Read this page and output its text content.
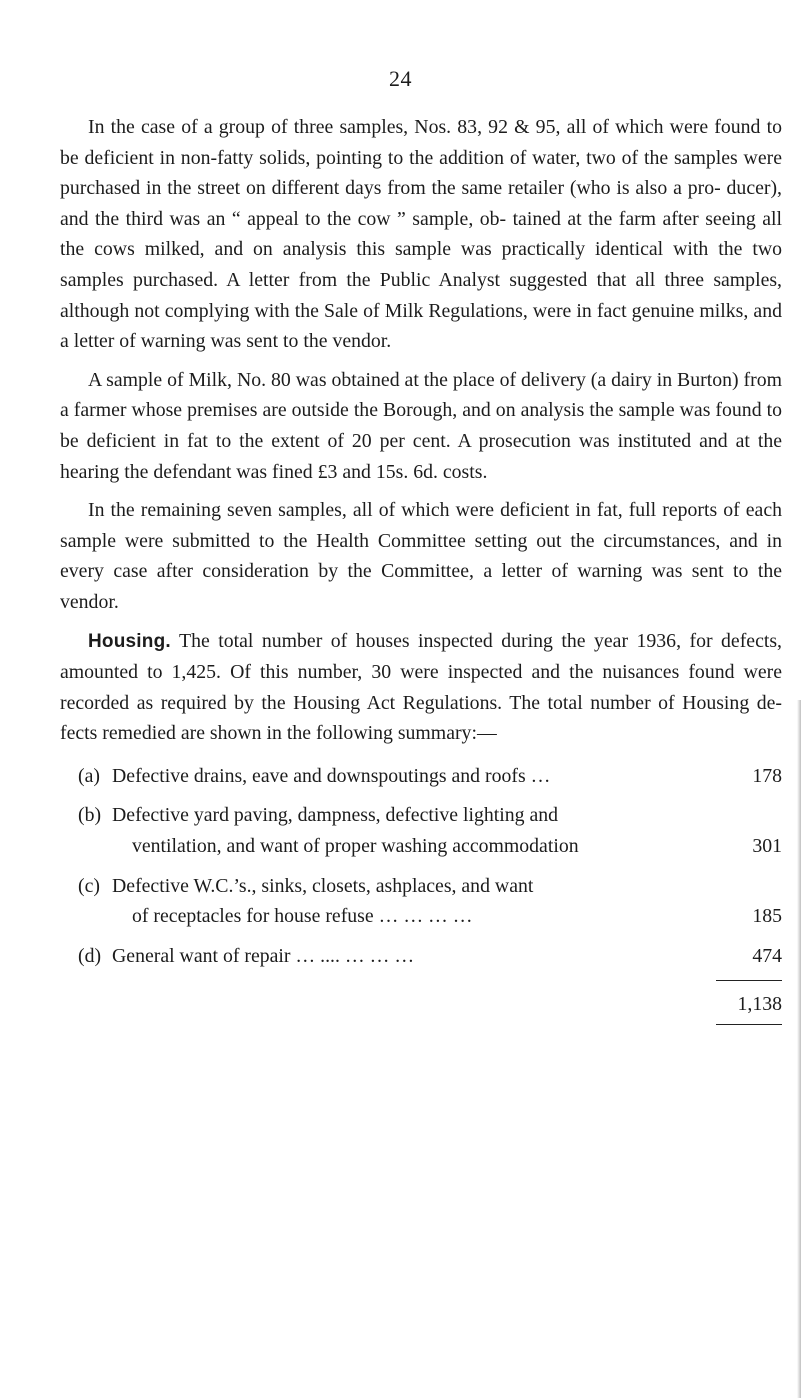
24

In the case of a group of three samples, Nos. 83, 92 & 95, all of which were found to be deficient in non-fatty solids, pointing to the addition of water, two of the samples were purchased in the street on different days from the same retailer (who is also a pro- ducer), and the third was an “ appeal to the cow ” sample, ob- tained at the farm after seeing all the cows milked, and on analysis this sample was practically identical with the two samples purchased. A letter from the Public Analyst suggested that all three samples, although not complying with the Sale of Milk Regulations, were in fact genuine milks, and a letter of warning was sent to the vendor.

A sample of Milk, No. 80 was obtained at the place of delivery (a dairy in Burton) from a farmer whose premises are outside the Borough, and on analysis the sample was found to be deficient in fat to the extent of 20 per cent. A prosecution was instituted and at the hearing the defendant was fined £3 and 15s. 6d. costs.

In the remaining seven samples, all of which were deficient in fat, full reports of each sample were submitted to the Health Committee setting out the circumstances, and in every case after consideration by the Committee, a letter of warning was sent to the vendor.

Housing. The total number of houses inspected during the year 1936, for defects, amounted to 1,425. Of this number, 30 were inspected and the nuisances found were recorded as required by the Housing Act Regulations. The total number of Housing de- fects remedied are shown in the following summary:—

(a) Defective drains, eave and downspoutings and roofs …	178
(b) Defective yard paving, dampness, defective lighting and
ventilation, and want of proper washing accommodation	301
(c) Defective W.C.’s., sinks, closets, ashplaces, and want
of receptacles for house refuse … … … …	185
(d) General want of repair … .... … … …	474
1,138
